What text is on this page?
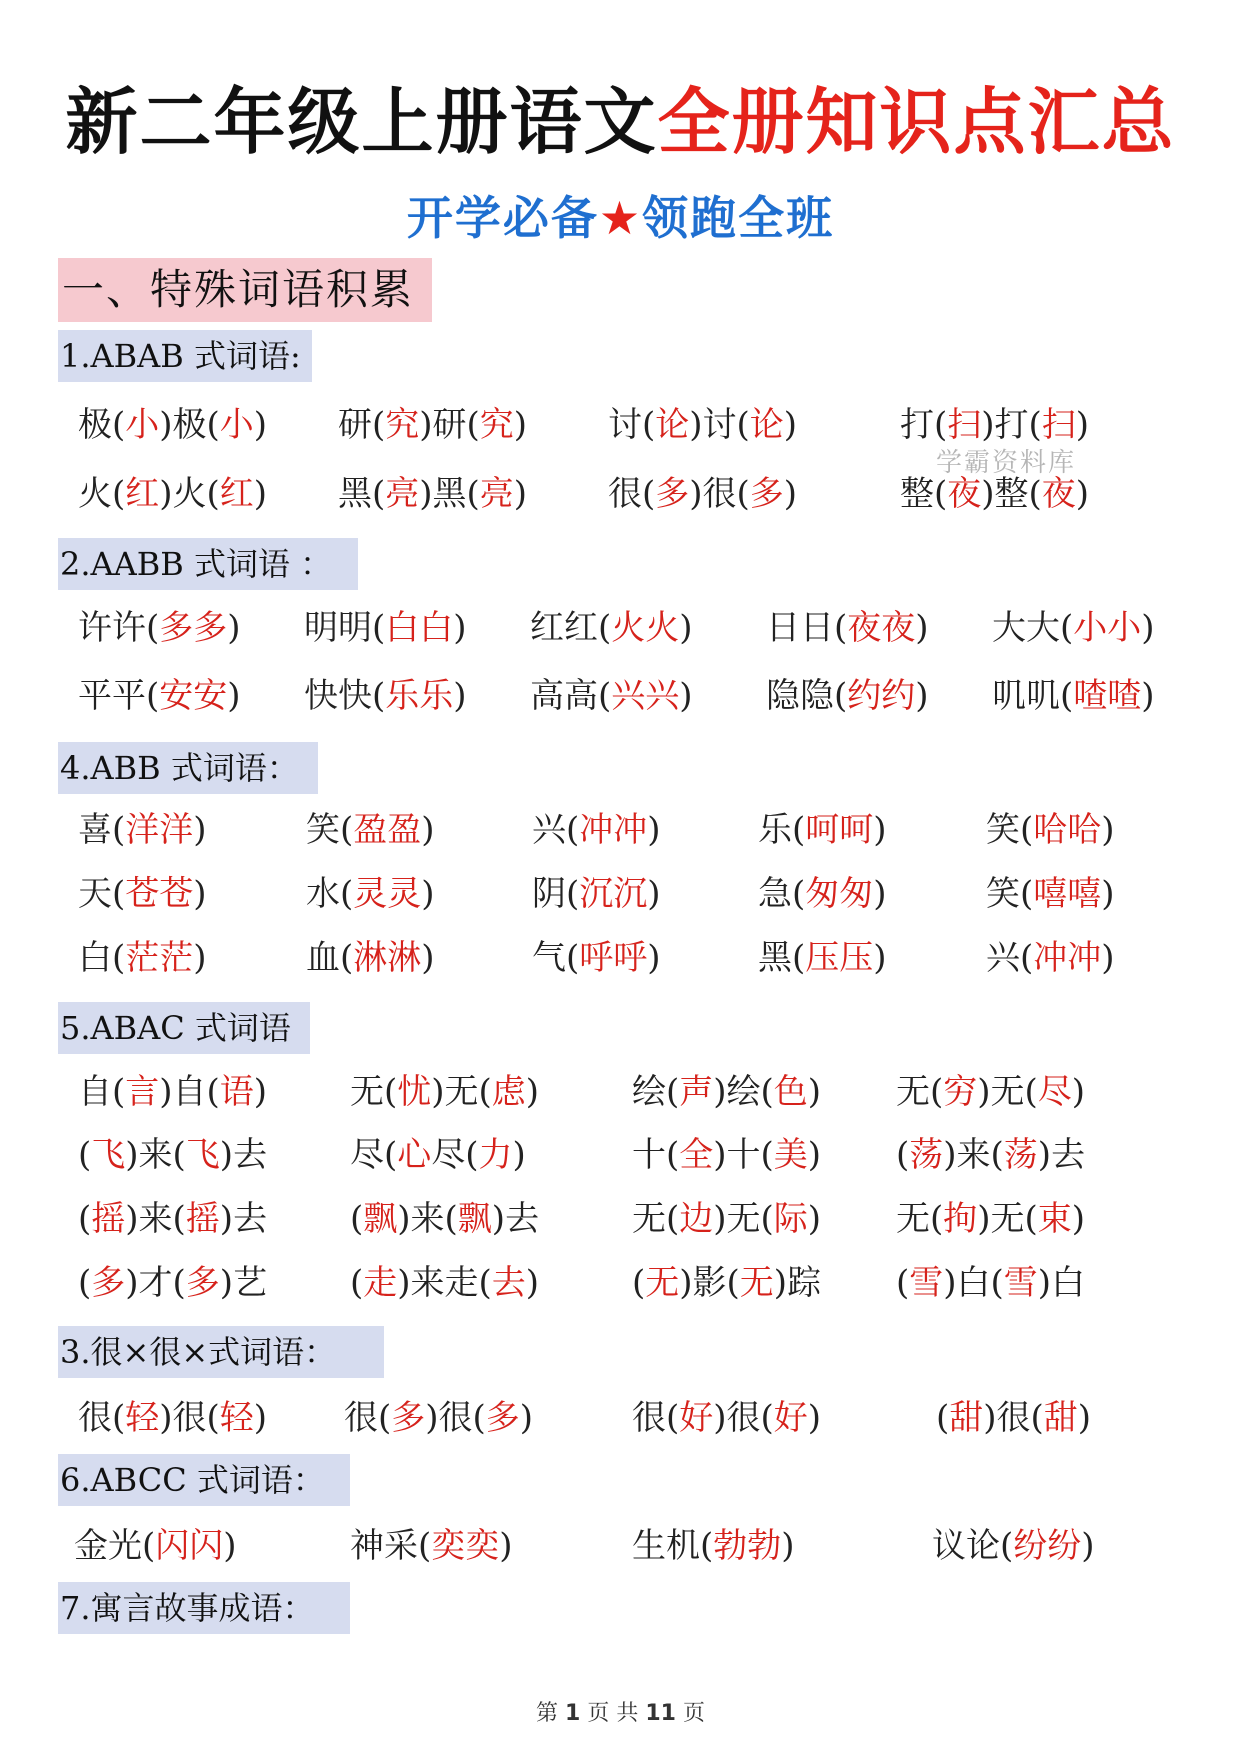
新二年级上册语文全册知识点汇总
开学必备★领跑全班
一、特殊词语积累
1.ABAB 式词语:
极(小)极(小) 研(究)研(究) 讨(论)讨(论)	打(扫)打(扫)
火(红)火(红) 黑(亮)黑(亮) 很(多)很(多)	整(夜)整(夜)
学霸资料库
2.AABB 式词语 ：
许许(多多) 明明(白白) 红红(火火) 日日(夜夜) 大大(小小)
平平(安安) 快快(乐乐) 高高(兴兴) 隐隐(约约) 叽叽(喳喳)
4.ABB 式词语：
喜(洋洋)	笑(盈盈)	兴(冲冲)	乐(呵呵)	笑(哈哈)
天(苍苍)	水(灵灵)	阴(沉沉)	急(匆匆)	笑(嘻嘻)
白(茫茫)	血(淋淋)	气(呼呼)	黑(压压)	兴(冲冲)
5.ABAC 式词语
自(言)自(语) 无(忧)无(虑)	绘(声)绘(色) 无(穷)无(尽)
(飞)来(飞)去 尽(心尽(力)	十(全)十(美) (荡)来(荡)去
(摇)来(摇)去 (飘)来(飘)去	无(边)无(际) 无(拘)无(束)
(多)才(多)艺 (走)来走(去)	(无)影(无)踪 (雪)白(雪)白
3.很×很×式词语：
很(轻)很(轻) 很(多)很(多)	很(好)很(好)	(甜)很(甜)
6.ABCC 式词语：
金光(闪闪)	神采(奕奕)	生机(勃勃)	议论(纷纷)
7.寓言故事成语：
第 1 页 共 11 页
